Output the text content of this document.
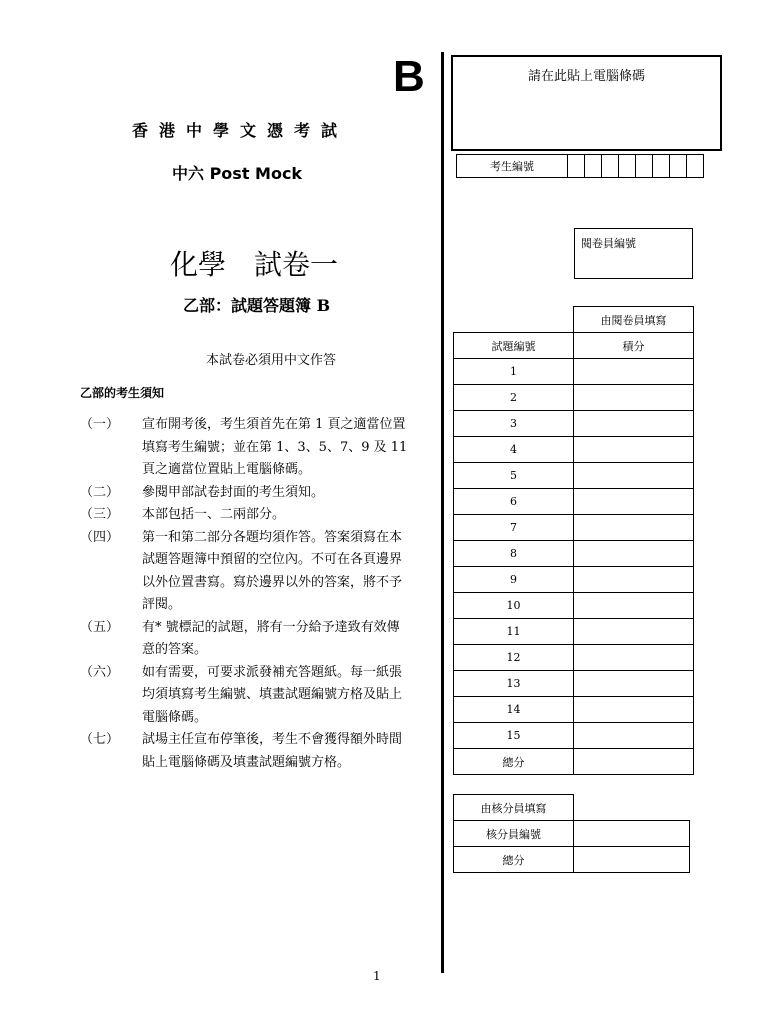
B
香港中學文憑考試
中六 Post Mock
化學　試卷一
乙部：試題答題簿 B
本試卷必須用中文作答
乙部的考生須知
（一） 宣布開考後，考生須首先在第 1 頁之適當位置
填寫考生編號；並在第 1、3、5、7、9 及 11
頁之適當位置貼上電腦條碼。
（二） 參閱甲部試卷封面的考生須知。
（三） 本部包括一、二兩部分。
（四） 第一和第二部分各題均須作答。答案須寫在本
試題答題簿中預留的空位內。不可在各頁邊界
以外位置書寫。寫於邊界以外的答案，將不予
評閱。
（五） 有* 號標記的試題，將有一分給予達致有效傳
意的答案。
（六） 如有需要，可要求派發補充答題紙。每一紙張
均須填寫考生編號、填畫試題編號方格及貼上
電腦條碼。
（七） 試場主任宣布停筆後，考生不會獲得額外時間
貼上電腦條碼及填畫試題編號方格。
請在此貼上電腦條碼
考生編號								
閱卷員編號
	由閱卷員填寫
試題編號	積分
1	
2	
3	
4	
5	
6	
7	
8	
9	
10	
11	
12	
13	
14	
15	
總分	
由核分員填寫	
核分員編號	
總分	
1
